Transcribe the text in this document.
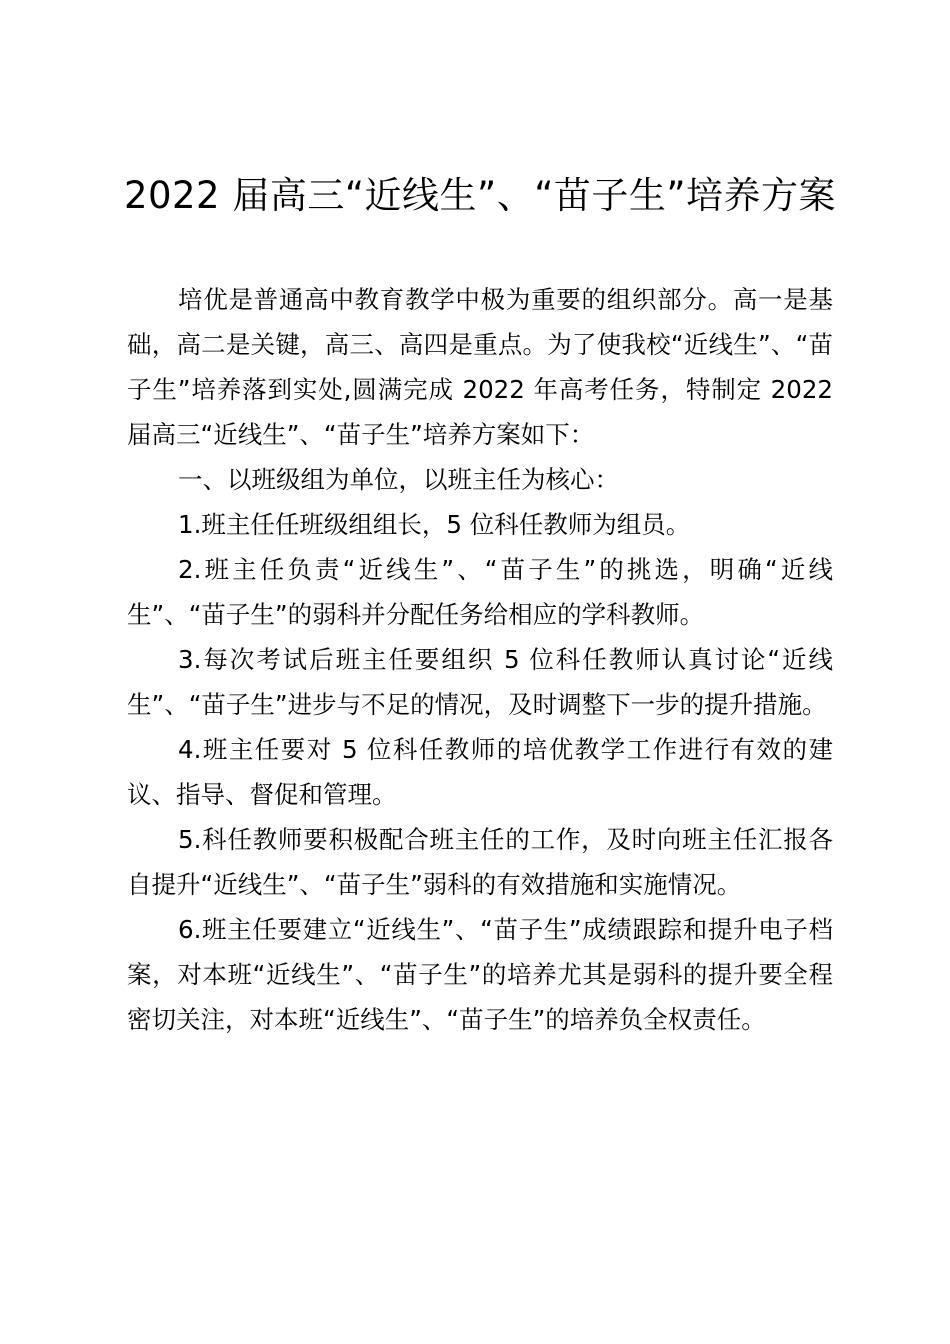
2022 届高三“近线生”、“苗子生”培养方案

培优是普通高中教育教学中极为重要的组织部分。高一是基础，高二是关键，高三、高四是重点。为了使我校“近线生”、“苗子生”培养落到实处,圆满完成 2022 年高考任务，特制定 2022 届高三“近线生”、“苗子生”培养方案如下：

一、以班级组为单位，以班主任为核心：

1.班主任任班级组组长，5 位科任教师为组员。

2.班主任负责“近线生”、“苗子生”的挑选，明确“近线生”、“苗子生”的弱科并分配任务给相应的学科教师。

3.每次考试后班主任要组织 5 位科任教师认真讨论“近线生”、“苗子生”进步与不足的情况，及时调整下一步的提升措施。

4.班主任要对 5 位科任教师的培优教学工作进行有效的建议、指导、督促和管理。

5.科任教师要积极配合班主任的工作，及时向班主任汇报各自提升“近线生”、“苗子生”弱科的有效措施和实施情况。

6.班主任要建立“近线生”、“苗子生”成绩跟踪和提升电子档案，对本班“近线生”、“苗子生”的培养尤其是弱科的提升要全程密切关注，对本班“近线生”、“苗子生”的培养负全权责任。
